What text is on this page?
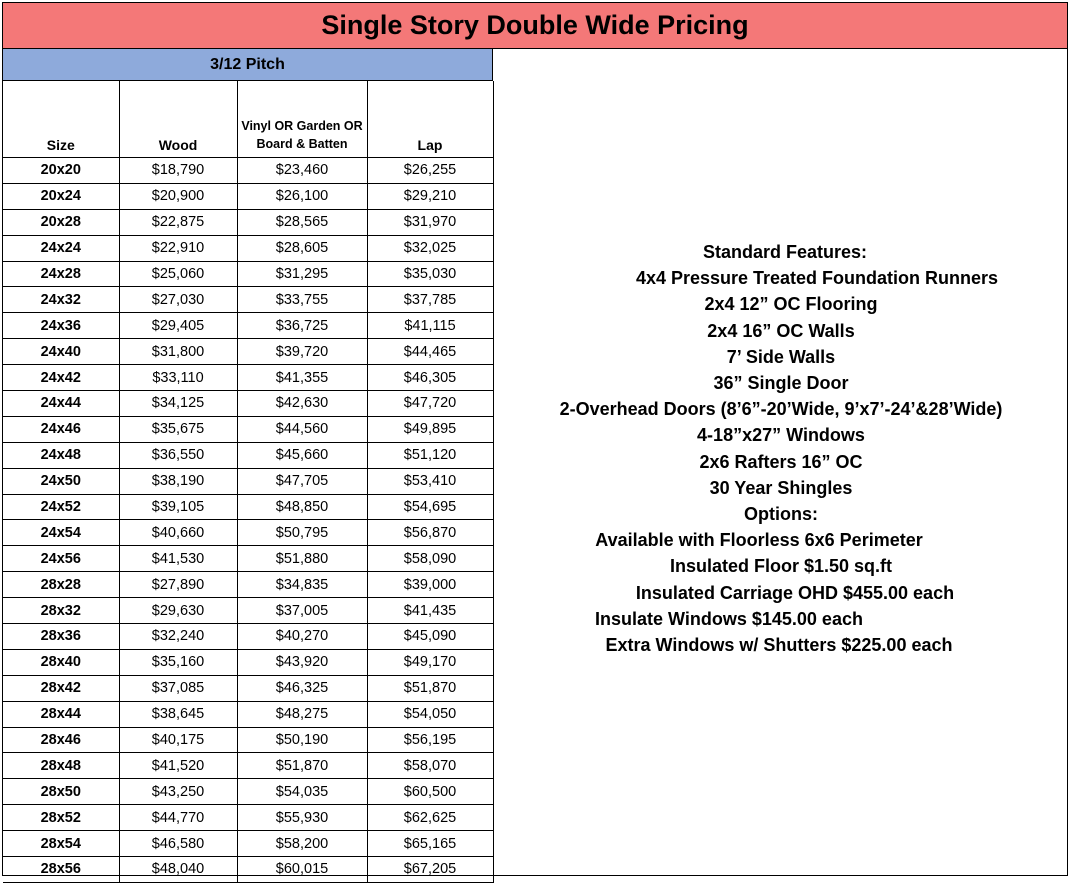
Single Story Double Wide Pricing
3/12 Pitch
Size	Wood	Vinyl OR Garden OR Board & Batten	Lap
20x20	$18,790	$23,460	$26,255
20x24	$20,900	$26,100	$29,210
20x28	$22,875	$28,565	$31,970
24x24	$22,910	$28,605	$32,025
24x28	$25,060	$31,295	$35,030
24x32	$27,030	$33,755	$37,785
24x36	$29,405	$36,725	$41,115
24x40	$31,800	$39,720	$44,465
24x42	$33,110	$41,355	$46,305
24x44	$34,125	$42,630	$47,720
24x46	$35,675	$44,560	$49,895
24x48	$36,550	$45,660	$51,120
24x50	$38,190	$47,705	$53,410
24x52	$39,105	$48,850	$54,695
24x54	$40,660	$50,795	$56,870
24x56	$41,530	$51,880	$58,090
28x28	$27,890	$34,835	$39,000
28x32	$29,630	$37,005	$41,435
28x36	$32,240	$40,270	$45,090
28x40	$35,160	$43,920	$49,170
28x42	$37,085	$46,325	$51,870
28x44	$38,645	$48,275	$54,050
28x46	$40,175	$50,190	$56,195
28x48	$41,520	$51,870	$58,070
28x50	$43,250	$54,035	$60,500
28x52	$44,770	$55,930	$62,625
28x54	$46,580	$58,200	$65,165
28x56	$48,040	$60,015	$67,205
Standard Features:
4x4 Pressure Treated Foundation Runners
2x4 12” OC Flooring
2x4 16” OC Walls
7’ Side Walls
36” Single Door
2-Overhead Doors (8’6”-20’Wide, 9’x7’-24’&28’Wide)
4-18”x27” Windows
2x6 Rafters 16” OC
30 Year Shingles
Options:
Available with Floorless 6x6 Perimeter
Insulated Floor $1.50 sq.ft
Insulated Carriage OHD $455.00 each
Insulate Windows $145.00 each
Extra Windows w/ Shutters $225.00 each
